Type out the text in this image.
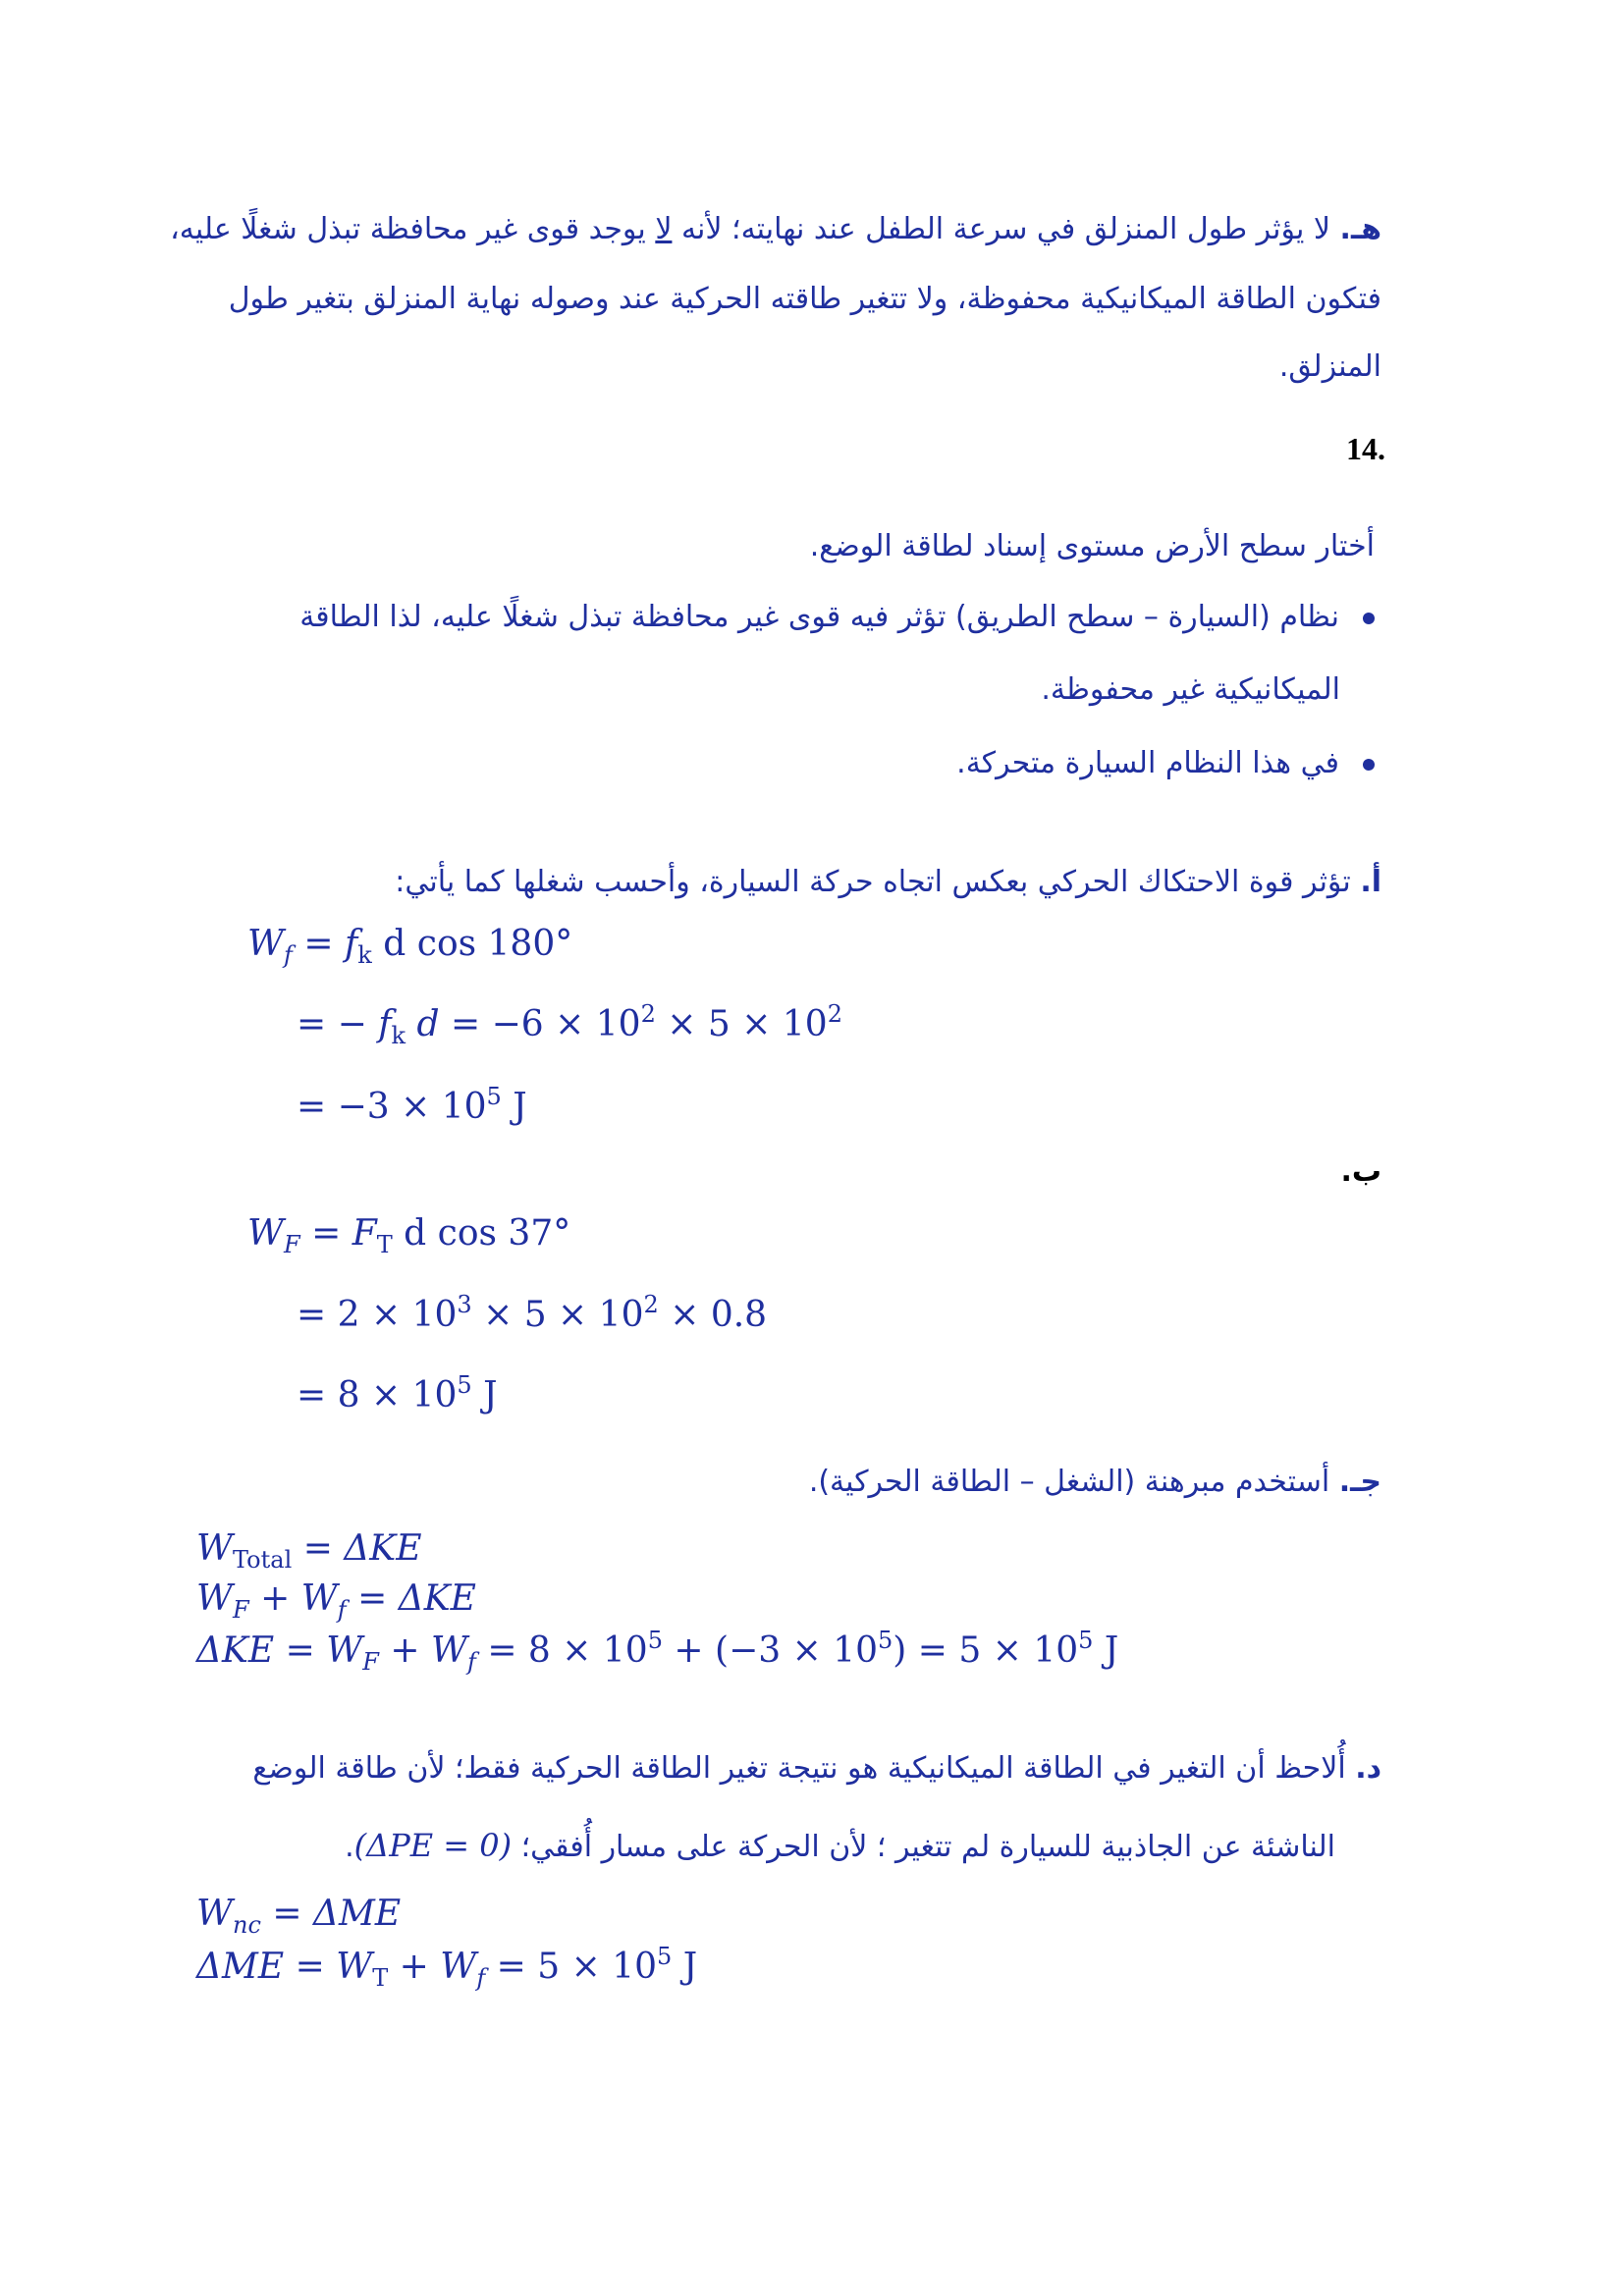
هـ. لا يؤثر طول المنزلق في سرعة الطفل عند نهايته؛ لأنه لا يوجد قوى غير محافظة تبذل شغلًا عليه،
فتكون الطاقة الميكانيكية محفوظة، ولا تتغير طاقته الحركية عند وصوله نهاية المنزلق بتغير طول
المنزلق.
14.
أختار سطح الأرض مستوى إسناد لطاقة الوضع.
نظام (السيارة – سطح الطريق) تؤثر فيه قوى غير محافظة تبذل شغلًا عليه، لذا الطاقة
الميكانيكية غير محفوظة.
في هذا النظام السيارة متحركة.
أ. تؤثر قوة الاحتكاك الحركي بعكس اتجاه حركة السيارة، وأحسب شغلها كما يأتي:
$W_f = f_k$ d cos 180°
= − $f_k$ $d = -6 \times 10^2 \times 5 \times 10^2$
= $-3 \times 10^5$ J
ب.
$W_F = F_T$ d cos 37°
= $2 \times 10^3 \times 5 \times 10^2 \times 0.8$
= $8 \times 10^5$ J
جـ. أستخدم مبرهنة (الشغل – الطاقة الحركية).
$W_{Total} = \Delta KE$
$W_F + W_f = \Delta KE$
$\Delta KE = W_F + W_f = 8 \times 10^5 + (-3 \times 10^5) = 5 \times 10^5$ J
د. أُلاحظ أن التغير في الطاقة الميكانيكية هو نتيجة تغير الطاقة الحركية فقط؛ لأن طاقة الوضع
الناشئة عن الجاذبية للسيارة لم تتغير ؛ لأن الحركة على مسار أُفقي؛ (ΔPE = 0).
$W_{nc} = \Delta ME$
$\Delta ME = W_T + W_f = 5 \times 10^5$ J
